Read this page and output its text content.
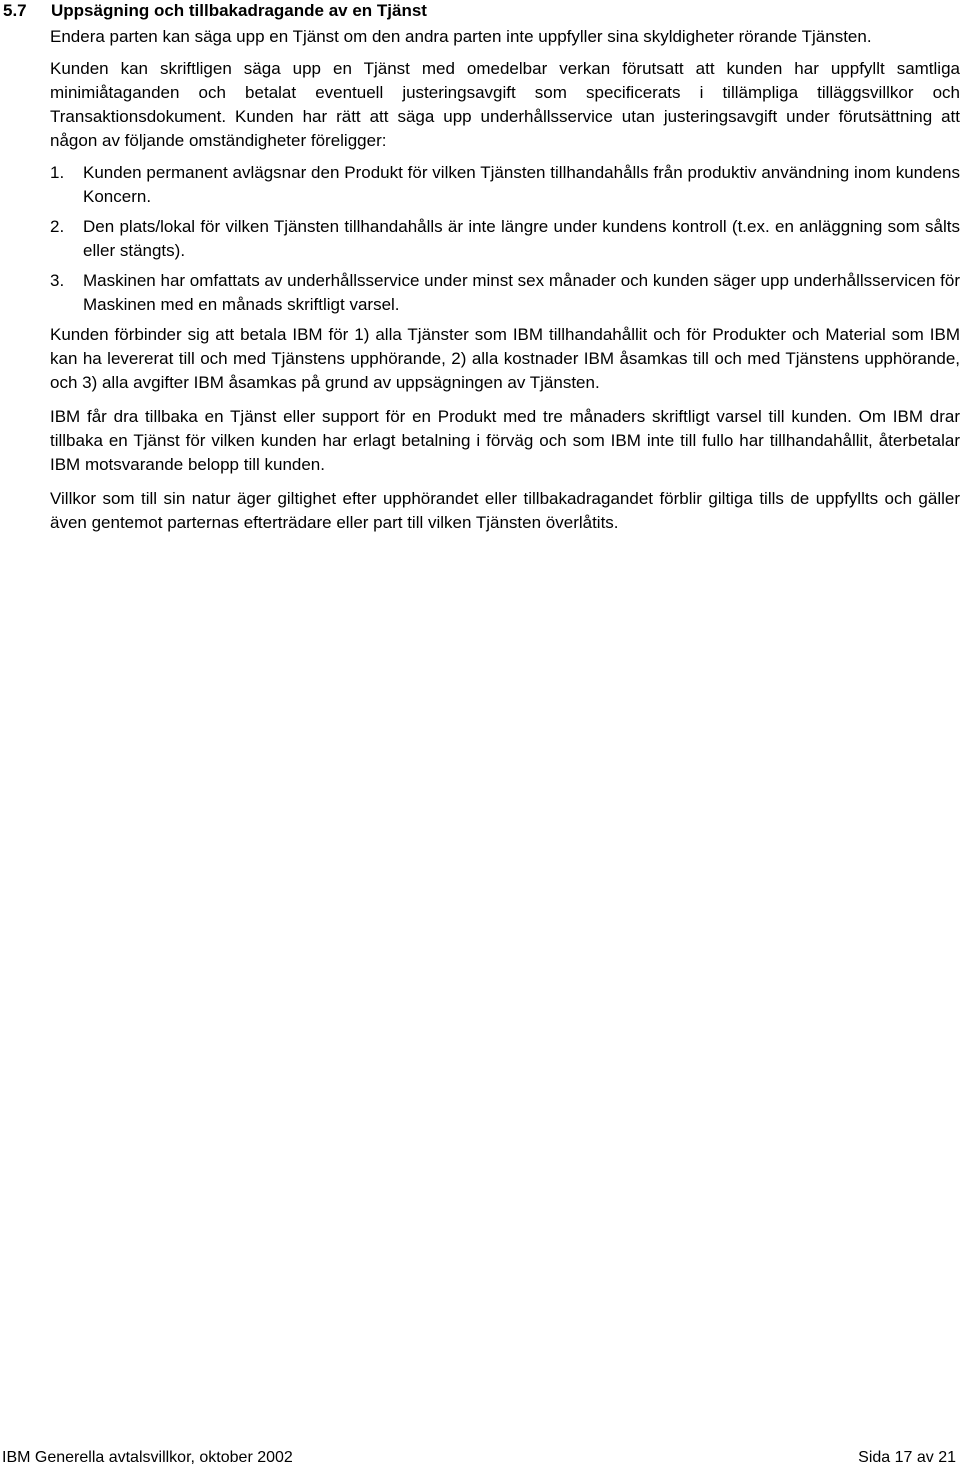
5.7 Uppsägning och tillbakadragande av en Tjänst

Endera parten kan säga upp en Tjänst om den andra parten inte uppfyller sina skyldigheter rörande Tjänsten.

Kunden kan skriftligen säga upp en Tjänst med omedelbar verkan förutsatt att kunden har uppfyllt samtliga minimiåtaganden och betalat eventuell justeringsavgift som specificerats i tillämpliga tilläggsvillkor och Transaktionsdokument. Kunden har rätt att säga upp underhållsservice utan justeringsavgift under förutsättning att någon av följande omständigheter föreligger:

1. Kunden permanent avlägsnar den Produkt för vilken Tjänsten tillhandahålls från produktiv användning inom kundens Koncern.
2. Den plats/lokal för vilken Tjänsten tillhandahålls är inte längre under kundens kontroll (t.ex. en anläggning som sålts eller stängts).
3. Maskinen har omfattats av underhållsservice under minst sex månader och kunden säger upp underhållsservicen för Maskinen med en månads skriftligt varsel.

Kunden förbinder sig att betala IBM för 1) alla Tjänster som IBM tillhandahållit och för Produkter och Material som IBM kan ha levererat till och med Tjänstens upphörande, 2) alla kostnader IBM åsamkas till och med Tjänstens upphörande, och 3) alla avgifter IBM åsamkas på grund av uppsägningen av Tjänsten.

IBM får dra tillbaka en Tjänst eller support för en Produkt med tre månaders skriftligt varsel till kunden. Om IBM drar tillbaka en Tjänst för vilken kunden har erlagt betalning i förväg och som IBM inte till fullo har tillhandahållit, återbetalar IBM motsvarande belopp till kunden.

Villkor som till sin natur äger giltighet efter upphörandet eller tillbakadragandet förblir giltiga tills de uppfyllts och gäller även gentemot parternas efterträdare eller part till vilken Tjänsten överlåtits.

IBM Generella avtalsvillkor, oktober 2002	Sida 17 av 21
